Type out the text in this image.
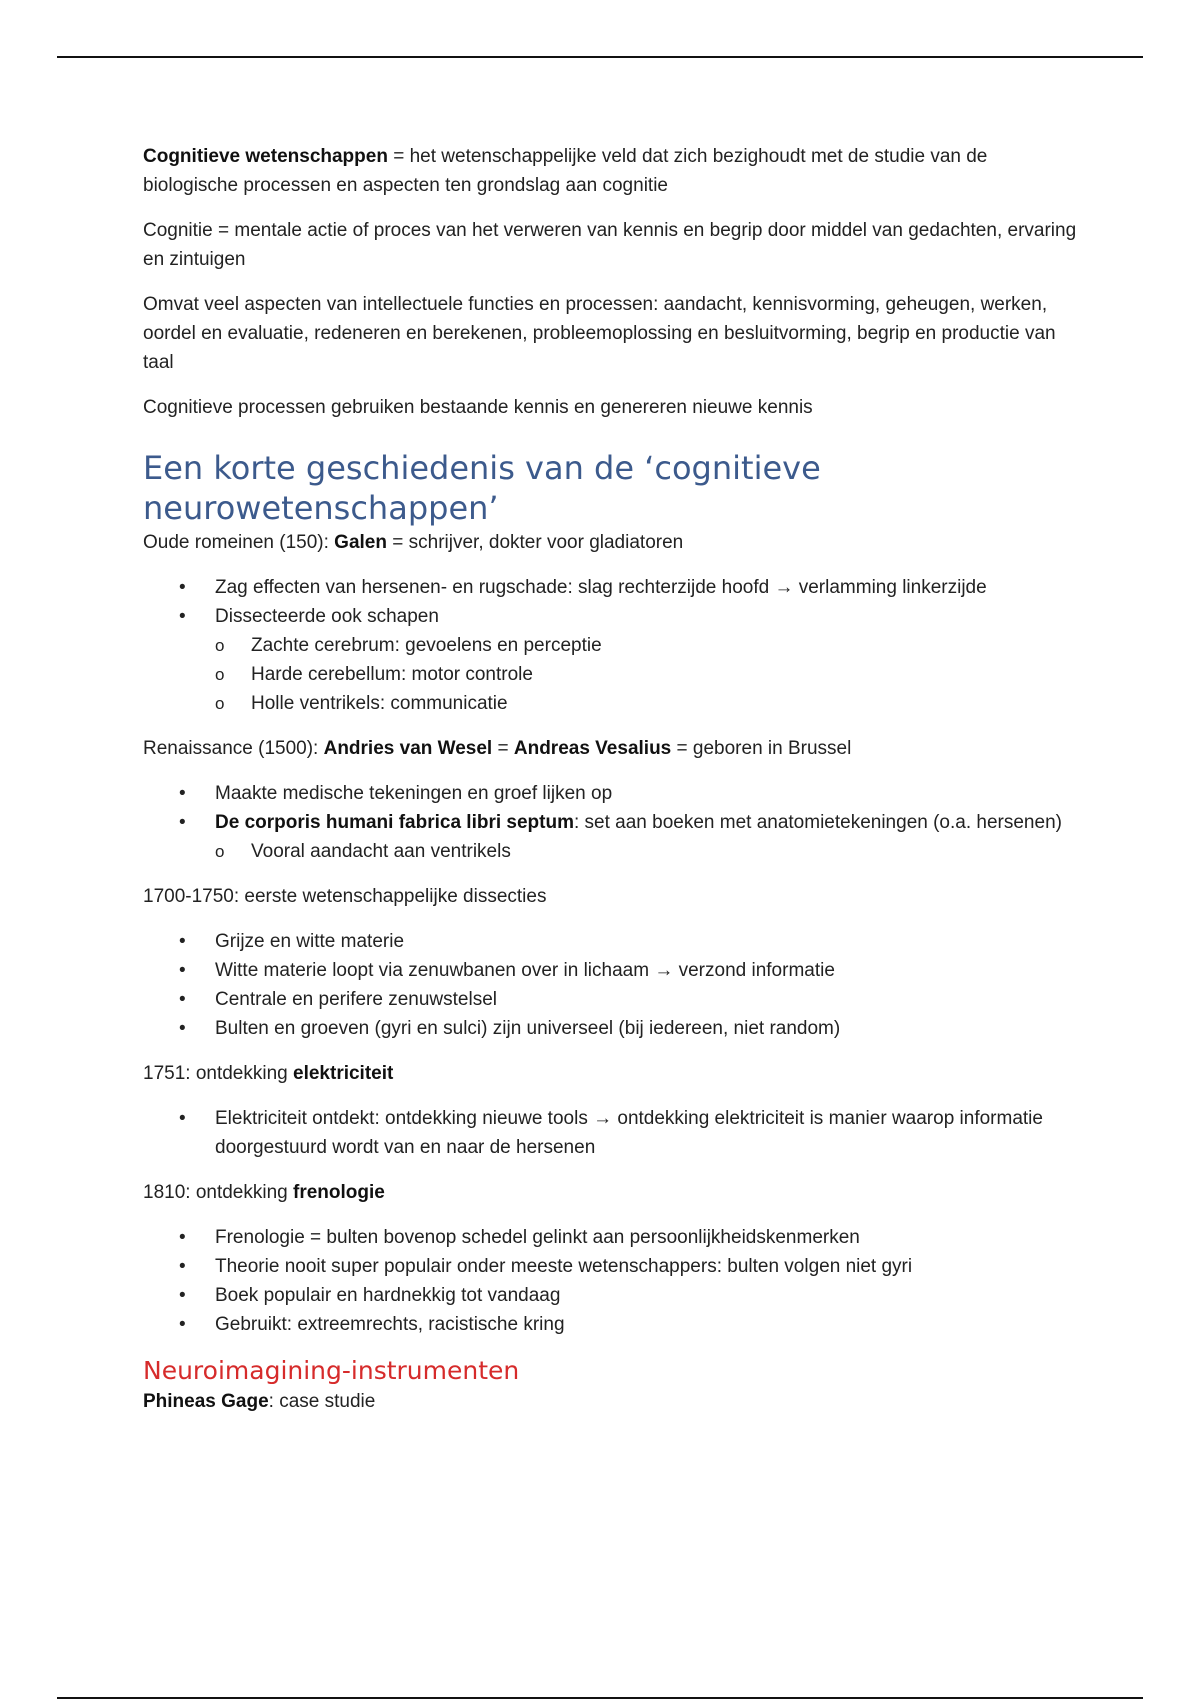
Cognitieve wetenschappen = het wetenschappelijke veld dat zich bezighoudt met de studie van de biologische processen en aspecten ten grondslag aan cognitie

Cognitie = mentale actie of proces van het verweren van kennis en begrip door middel van gedachten, ervaring en zintuigen

Omvat veel aspecten van intellectuele functies en processen: aandacht, kennisvorming, geheugen, werken, oordel en evaluatie, redeneren en berekenen, probleemoplossing en besluitvorming, begrip en productie van taal

Cognitieve processen gebruiken bestaande kennis en genereren nieuwe kennis

Een korte geschiedenis van de ‘cognitieve neurowetenschappen’

Oude romeinen (150): Galen = schrijver, dokter voor gladiatoren

• Zag effecten van hersenen- en rugschade: slag rechterzijde hoofd → verlamming linkerzijde
• Dissecteerde ook schapen
o Zachte cerebrum: gevoelens en perceptie
o Harde cerebellum: motor controle
o Holle ventrikels: communicatie

Renaissance (1500): Andries van Wesel = Andreas Vesalius = geboren in Brussel

• Maakte medische tekeningen en groef lijken op
• De corporis humani fabrica libri septum: set aan boeken met anatomietekeningen (o.a. hersenen)
o Vooral aandacht aan ventrikels

1700-1750: eerste wetenschappelijke dissecties

• Grijze en witte materie
• Witte materie loopt via zenuwbanen over in lichaam → verzond informatie
• Centrale en perifere zenuwstelsel
• Bulten en groeven (gyri en sulci) zijn universeel (bij iedereen, niet random)

1751: ontdekking elektriciteit

• Elektriciteit ontdekt: ontdekking nieuwe tools → ontdekking elektriciteit is manier waarop informatie doorgestuurd wordt van en naar de hersenen

1810: ontdekking frenologie

• Frenologie = bulten bovenop schedel gelinkt aan persoonlijkheidskenmerken
• Theorie nooit super populair onder meeste wetenschappers: bulten volgen niet gyri
• Boek populair en hardnekkig tot vandaag
• Gebruikt: extreemrechts, racistische kring
Neuroimagining-instrumenten

Phineas Gage: case studie
